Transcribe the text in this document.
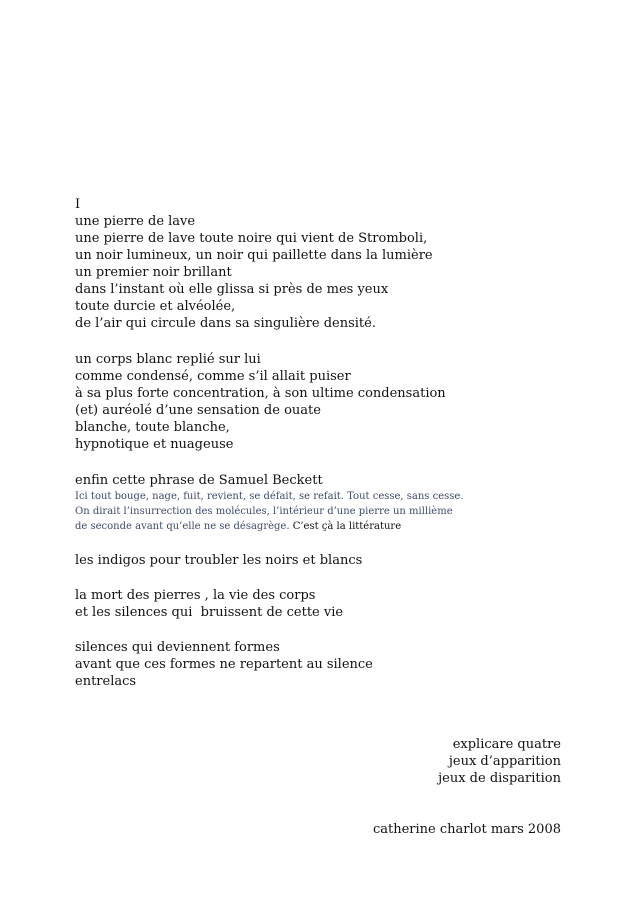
I
une pierre de lave
une pierre de lave toute noire qui vient de Stromboli,
un noir lumineux, un noir qui paillette dans la lumière
un premier noir brillant
dans l’instant où elle glissa si près de mes yeux
toute durcie et alvéolée,
de l’air qui circule dans sa singulière densité.
un corps blanc replié sur lui
comme condensé, comme s’il allait puiser
à sa plus forte concentration, à son ultime condensation
(et) auréolé d’une sensation de ouate
blanche, toute blanche,
hypnotique et nuageuse
enfin cette phrase de Samuel Beckett
Ici tout bouge, nage, fuit, revient, se défait, se refait. Tout cesse, sans cesse.
On dirait l’insurrection des molécules, l’intérieur d’une pierre un millième
de seconde avant qu’elle ne se désagrège. C’est çà la littérature
les indigos pour troubler les noirs et blancs
la mort des pierres , la vie des corps
et les silences qui  bruissent de cette vie
silences qui deviennent formes
avant que ces formes ne repartent au silence
entrelacs
explicare quatre
jeux d’apparition
jeux de disparition
catherine charlot mars 2008
